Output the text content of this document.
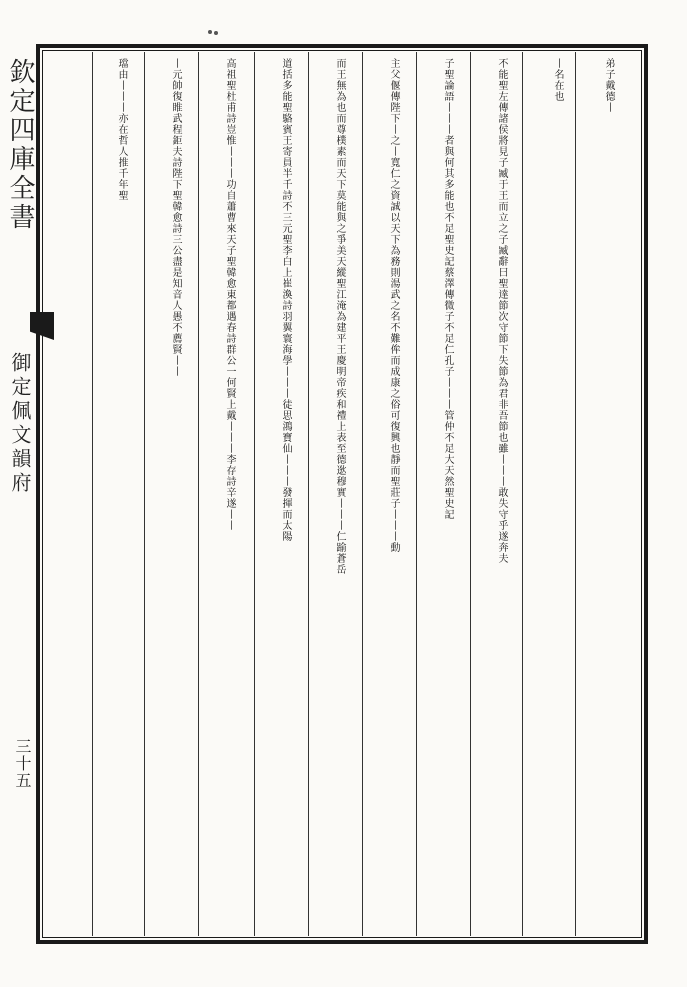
欽定四庫全書
御定佩文韻府
三十五
弟子戴德丨
丨名在也
不能聖左傳諸侯將見子臧于王而立之子臧辭曰聖達節次守節下失節為君非吾節也雖丨丨丨敢失守乎遂奔夫
子聖論語丨丨丨者與何其多能也不足聖史記蔡澤傳微子不足仁孔子丨丨丨管仲不足大天然聖史記
主父偃傳陛下丨之丨寬仁之資誠以天下為務則湯武之名不難侔而成康之俗可復興也靜而聖莊子丨丨丨動
而王無為也而尊樸素而天下莫能與之爭美天縱聖江淹為建平王慶明帝疾和禮上表至德逖穆實丨丨丨仁踰蒼岳
道括多能聖駱賓王寄員半千詩不三元聖李白上崔渙詩羽翼寰海學丨丨丨徒思鴻寶仙丨丨丨發揮而太陽
高祖聖杜甫詩豈惟丨丨丨功自蕭曹來天子聖韓愈東都遇春詩群公一何賢上戴丨丨丨李存詩辛遂丨丨
丨元帥復睢武程鉅夫詩陛下聖韓愈詩三公盡是知音人愚不薦賢丨丨
璫由丨丨丨亦在哲人推千年聖
